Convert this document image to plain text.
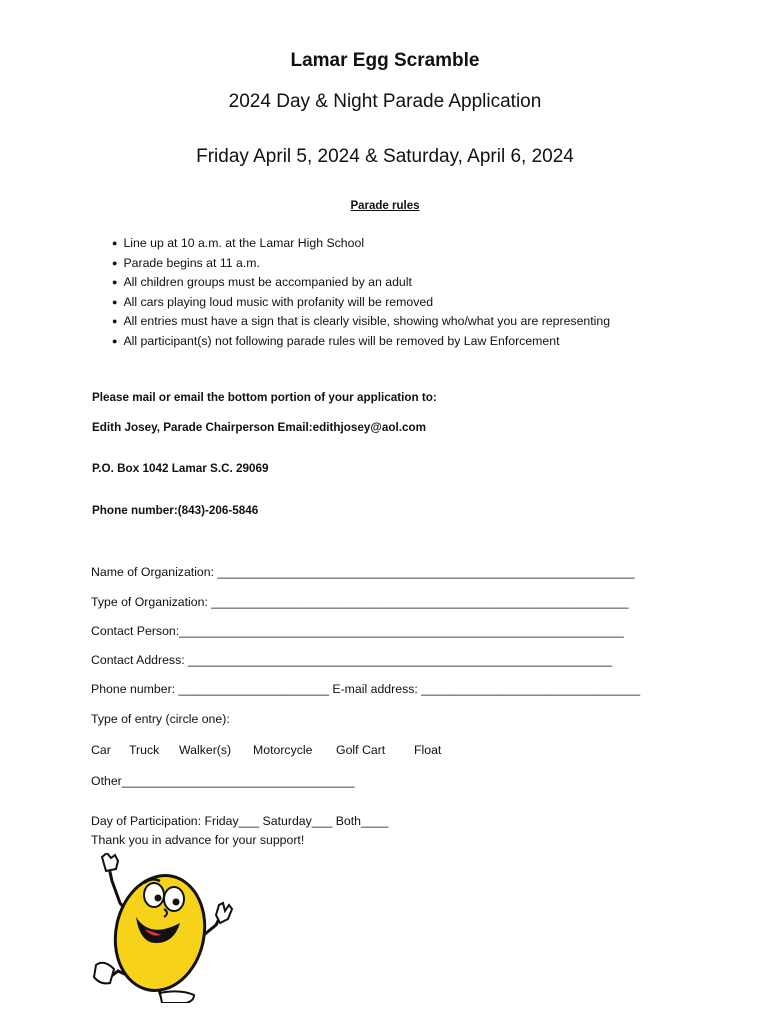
Lamar Egg Scramble
2024 Day & Night Parade Application
Friday April 5, 2024 & Saturday, April 6, 2024
Parade rules
● Line up at 10 a.m. at the Lamar High School
● Parade begins at 11 a.m.
● All children groups must be accompanied by an adult
● All cars playing loud music with profanity will be removed
● All entries must have a sign that is clearly visible, showing who/what you are representing
● All participant(s) not following parade rules will be removed by Law Enforcement
Please mail or email the bottom portion of your application to:
Edith Josey, Parade Chairperson Email:edithjosey@aol.com
P.O. Box 1042 Lamar S.C. 29069
Phone number:(843)-206-5846
Name of Organization: _____________________________________________________________
Type of Organization: _____________________________________________________________
Contact Person:_________________________________________________________________
Contact Address: ______________________________________________________________
Phone number: ______________________ E-mail address: ________________________________
Type of entry (circle one):
Car Truck Walker(s) Motorcycle Golf Cart Float
Other__________________________________
Day of Participation: Friday___ Saturday___ Both____
Thank you in advance for your support!
